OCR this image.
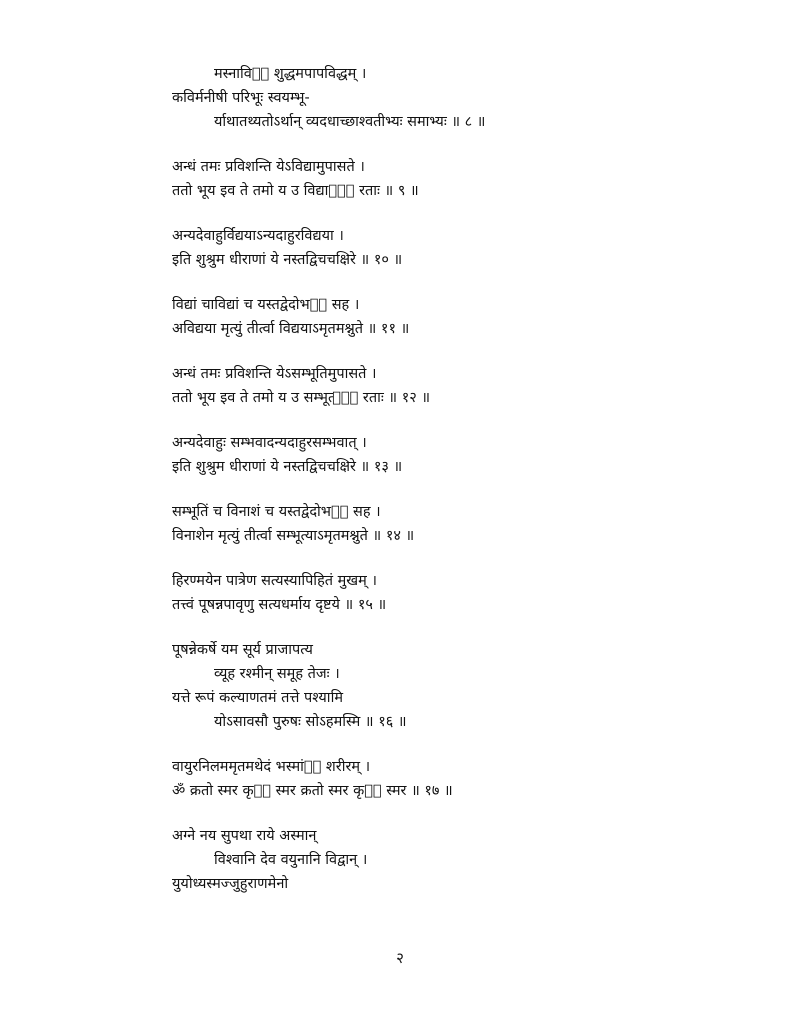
मस्नाविर᳘ शुद्धमपापविद्धम् ।
कविर्मनीषी परिभूः स्वयम्भू-
र्याथातथ्यतोऽर्थान् व्यदधाच्छाश्वतीभ्यः समाभ्यः ॥ ८ ॥
अन्धं तमः प्रविशन्ति येऽविद्यामुपासते ।
ततो भूय इव ते तमो य उ विद्याया᳘ रताः ॥ ९ ॥
अन्यदेवाहुर्विद्ययाऽन्यदाहुरविद्यया ।
इति शुश्रुम धीराणां ये नस्तद्विचचक्षिरे ॥ १० ॥
विद्यां चाविद्यां च यस्तद्वेदोभय᳘ सह ।
अविद्यया मृत्युं तीर्त्वा विद्ययाऽमृतमश्नुते ॥ ११ ॥
अन्धं तमः प्रविशन्ति येऽसम्भूतिमुपासते ।
ततो भूय इव ते तमो य उ सम्भूत्या᳘ रताः ॥ १२ ॥
अन्यदेवाहुः सम्भवादन्यदाहुरसम्भवात् ।
इति शुश्रुम धीराणां ये नस्तद्विचचक्षिरे ॥ १३ ॥
सम्भूतिं च विनाशं च यस्तद्वेदोभय᳘ सह ।
विनाशेन मृत्युं तीर्त्वा सम्भूत्याऽमृतमश्नुते ॥ १४ ॥
हिरण्मयेन पात्रेण सत्यस्यापिहितं मुखम् ।
तत्त्वं पूषन्नपावृणु सत्यधर्माय दृष्टये ॥ १५ ॥
पूषन्नेकर्षे यम सूर्य प्राजापत्य
व्यूह रश्मीन् समूह तेजः ।
यत्ते रूपं कल्याणतमं तत्ते पश्यामि
योऽसावसौ पुरुषः सोऽहमस्मि ॥ १६ ॥
वायुरनिलममृतमथेदं भस्मांत᳘ शरीरम् ।
ॐ क्रतो स्मर कृत᳘ स्मर क्रतो स्मर कृत᳘ स्मर ॥ १७ ॥
अग्ने नय सुपथा राये अस्मान्
विश्वानि देव वयुनानि विद्वान् ।
युयोध्यस्मज्जुहुराणमेनो
२
